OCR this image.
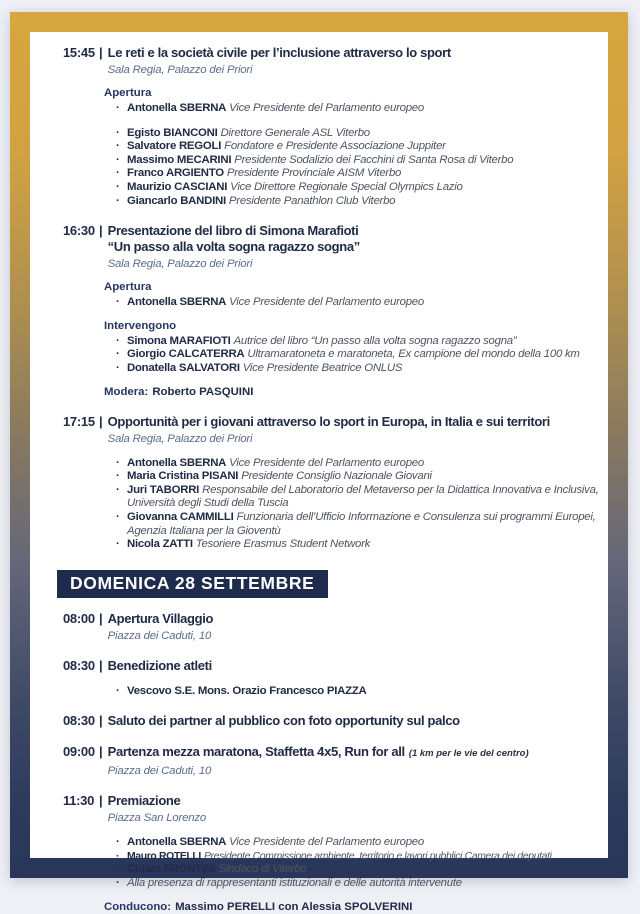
15:45 | Le reti e la società civile per l’inclusione attraverso lo sport
Sala Regia, Palazzo dei Priori
Apertura
· Antonella SBERNA Vice Presidente del Parlamento europeo
· Egisto BIANCONI Direttore Generale ASL Viterbo
· Salvatore REGOLI Fondatore e Presidente Associazione Juppiter
· Massimo MECARINI Presidente Sodalizio dei Facchini di Santa Rosa di Viterbo
· Franco ARGIENTO Presidente Provinciale AISM Viterbo
· Maurizio CASCIANI Vice Direttore Regionale Special Olympics Lazio
· Giancarlo BANDINI Presidente Panathlon Club Viterbo
16:30 | Presentazione del libro di Simona Marafioti
“Un passo alla volta sogna ragazzo sogna”
Sala Regia, Palazzo dei Priori
Apertura
· Antonella SBERNA Vice Presidente del Parlamento europeo
Intervengono
· Simona MARAFIOTI Autrice del libro “Un passo alla volta sogna ragazzo sogna”
· Giorgio CALCATERRA Ultramaratoneta e maratoneta, Ex campione del mondo della 100 km
· Donatella SALVATORI Vice Presidente Beatrice ONLUS
Modera: Roberto PASQUINI
17:15 | Opportunità per i giovani attraverso lo sport in Europa, in Italia e sui territori
Sala Regia, Palazzo dei Priori
· Antonella SBERNA Vice Presidente del Parlamento europeo
· Maria Cristina PISANI Presidente Consiglio Nazionale Giovani
· Juri TABORRI Responsabile del Laboratorio del Metaverso per la Didattica Innovativa e Inclusiva, Università degli Studi della Tuscia
· Giovanna CAMMILLI Funzionaria dell’Ufficio Informazione e Consulenza sui programmi Europei, Agenzia Italiana per la Gioventù
· Nicola ZATTI Tesoriere Erasmus Student Network
DOMENICA 28 SETTEMBRE
08:00 | Apertura Villaggio
Piazza dei Caduti, 10
08:30 | Benedizione atleti
· Vescovo S.E. Mons. Orazio Francesco PIAZZA
08:30 | Saluto dei partner al pubblico con foto opportunity sul palco
09:00 | Partenza mezza maratona, Staffetta 4x5, Run for all (1 km per le vie del centro)
Piazza dei Caduti, 10
11:30 | Premiazione
Piazza San Lorenzo
· Antonella SBERNA Vice Presidente del Parlamento europeo
· Mauro ROTELLI Presidente Commissione ambiente, territorio e lavori pubblici Camera dei deputati
· Chiara FRONTINI Sindaco di Viterbo
· Alla presenza di rappresentanti istituzionali e delle autorità intervenute
Conducono: Massimo PERELLI con Alessia SPOLVERINI
